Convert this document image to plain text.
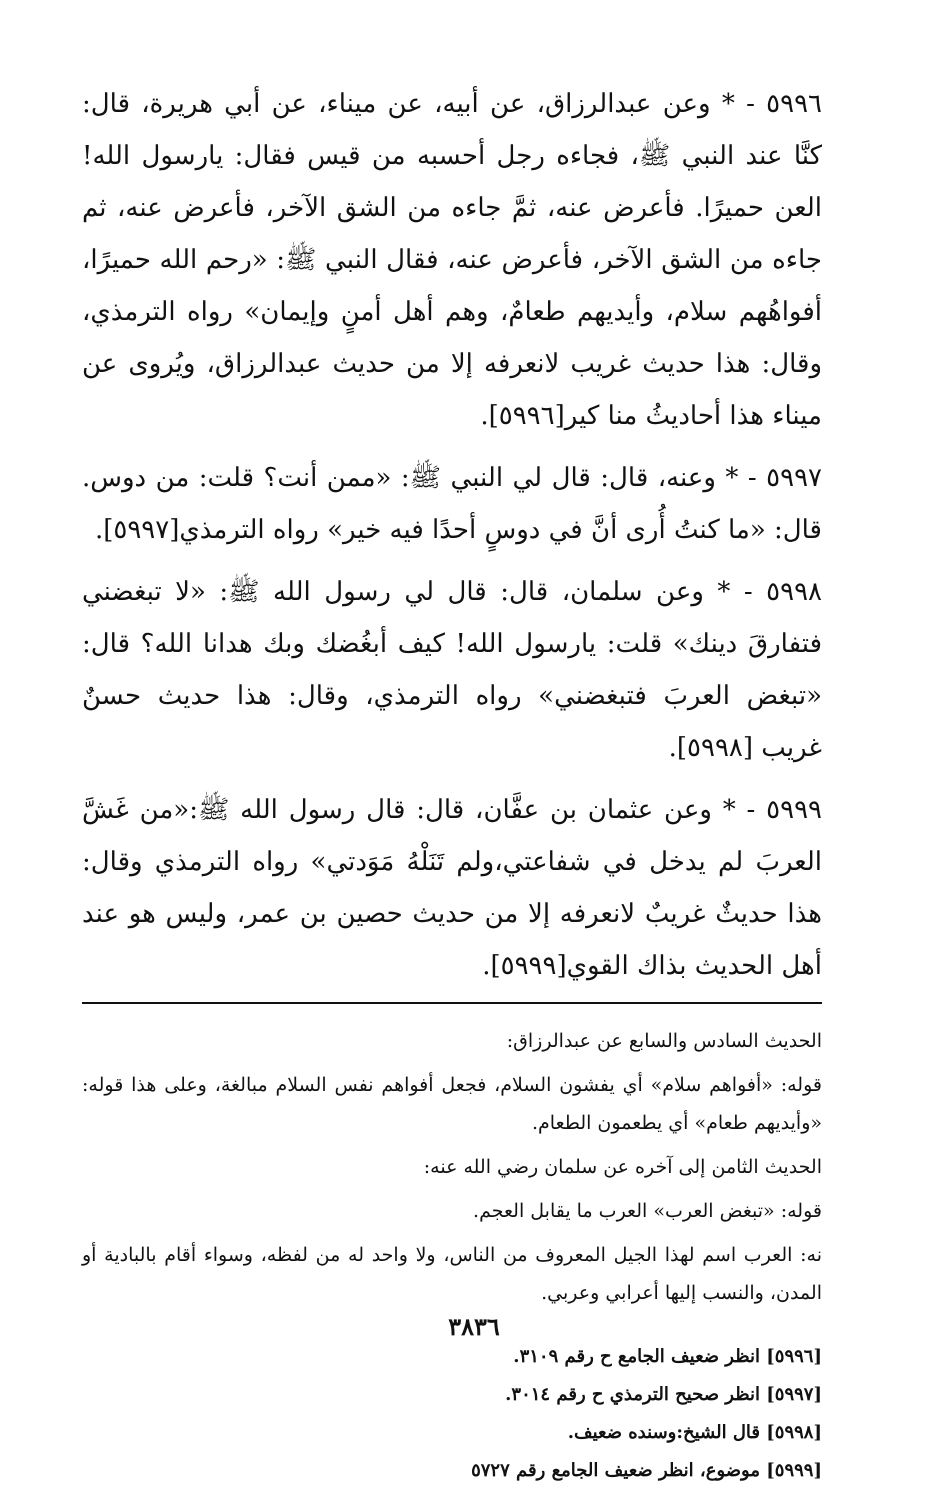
٥٩٩٦ - * وعن عبدالرزاق، عن أبيه، عن ميناء، عن أبي هريرة، قال: كنَّا عند النبي ﷺ، فجاءه رجل أحسبه من قيس فقال: يارسول الله! العن حميرًا. فأعرض عنه، ثمَّ جاءه من الشق الآخر، فأعرض عنه، ثم جاءه من الشق الآخر، فأعرض عنه، فقال النبي ﷺ: «رحم الله حميرًا، أفواهُهم سلام، وأيديهم طعامٌ، وهم أهل أمنٍ وإيمان» رواه الترمذي، وقال: هذا حديث غريب لانعرفه إلا من حديث عبدالرزاق، ويُروى عن ميناء هذا أحاديثُ منا كير[٥٩٩٦].

٥٩٩٧ - * وعنه، قال: قال لي النبي ﷺ: «ممن أنت؟ قلت: من دوس. قال: «ما كنتُ أُرى أنَّ في دوسٍ أحدًا فيه خير» رواه الترمذي[٥٩٩٧].

٥٩٩٨ - * وعن سلمان، قال: قال لي رسول الله ﷺ: «لا تبغضني فتفارقَ دينك» قلت: يارسول الله! كيف أبغُضك وبك هدانا الله؟ قال: «تبغض العربَ فتبغضني» رواه الترمذي، وقال: هذا حديث حسنٌ غريب [٥٩٩٨].

٥٩٩٩ - * وعن عثمان بن عفَّان، قال: قال رسول الله ﷺ:«من غَشَّ العربَ لم يدخل في شفاعتي،ولم تَنَلْهُ مَوَدتي» رواه الترمذي وقال: هذا حديثٌ غريبٌ لانعرفه إلا من حديث حصين بن عمر، وليس هو عند أهل الحديث بذاك القوي[٥٩٩٩].

الحديث السادس والسابع عن عبدالرزاق:

قوله: «أفواهم سلام» أي يفشون السلام، فجعل أفواهم نفس السلام مبالغة، وعلى هذا قوله: «وأيديهم طعام» أي يطعمون الطعام.

الحديث الثامن إلى آخره عن سلمان رضي الله عنه:

قوله: «تبغض العرب» العرب ما يقابل العجم.

نه: العرب اسم لهذا الجيل المعروف من الناس، ولا واحد له من لفظه، وسواء أقام بالبادية أو المدن، والنسب إليها أعرابي وعربي.

[٥٩٩٦] انظر ضعيف الجامع ح رقم ٣١٠٩.
[٥٩٩٧] انظر صحيح الترمذي ح رقم ٣٠١٤.
[٥٩٩٨] قال الشيخ:وسنده ضعيف.
[٥٩٩٩] موضوع، انظر ضعيف الجامع رقم ٥٧٢٧
٣٨٣٦
